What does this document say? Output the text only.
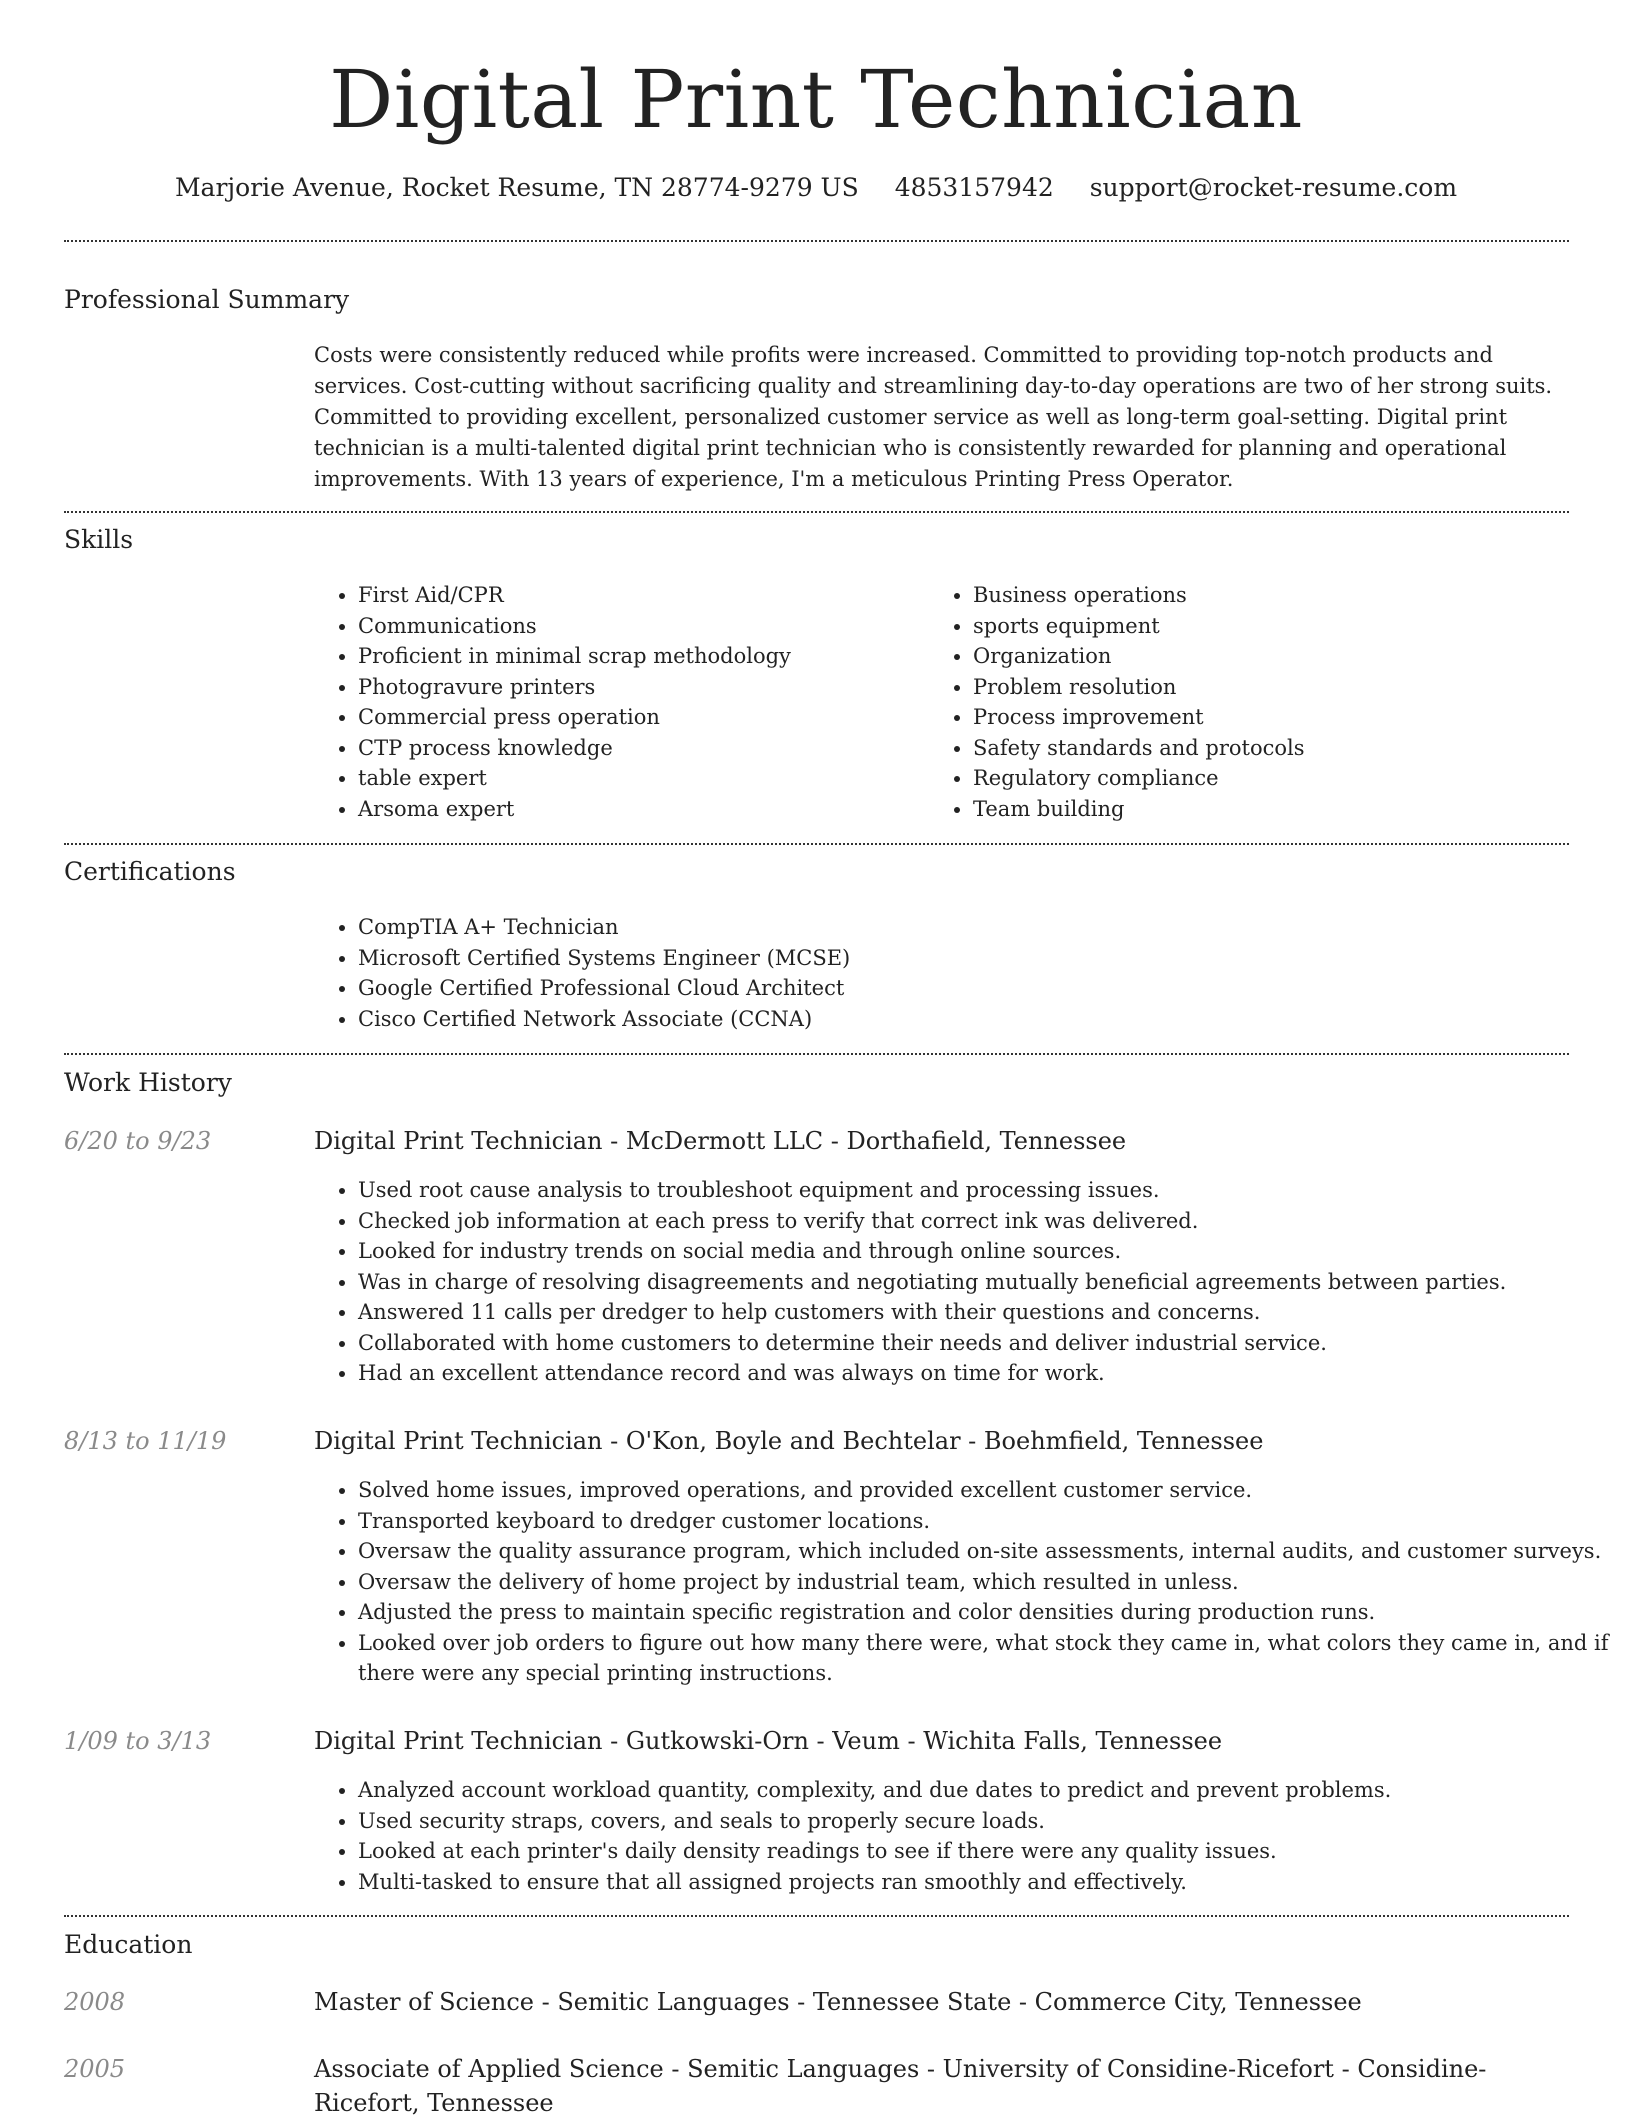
Digital Print Technician
Marjorie Avenue, Rocket Resume, TN 28774-9279 US 4853157942 support@rocket-resume.com
Professional Summary
Costs were consistently reduced while profits were increased. Committed to providing top-notch products and services. Cost-cutting without sacrificing quality and streamlining day-to-day operations are two of her strong suits. Committed to providing excellent, personalized customer service as well as long-term goal-setting. Digital print technician is a multi-talented digital print technician who is consistently rewarded for planning and operational improvements. With 13 years of experience, I'm a meticulous Printing Press Operator.
Skills
• First Aid/CPR
• Communications
• Proficient in minimal scrap methodology
• Photogravure printers
• Commercial press operation
• CTP process knowledge
• table expert
• Arsoma expert
• Business operations
• sports equipment
• Organization
• Problem resolution
• Process improvement
• Safety standards and protocols
• Regulatory compliance
• Team building
Certifications
• CompTIA A+ Technician
• Microsoft Certified Systems Engineer (MCSE)
• Google Certified Professional Cloud Architect
• Cisco Certified Network Associate (CCNA)
Work History
6/20 to 9/23	Digital Print Technician - McDermott LLC - Dorthafield, Tennessee
• Used root cause analysis to troubleshoot equipment and processing issues.
• Checked job information at each press to verify that correct ink was delivered.
• Looked for industry trends on social media and through online sources.
• Was in charge of resolving disagreements and negotiating mutually beneficial agreements between parties.
• Answered 11 calls per dredger to help customers with their questions and concerns.
• Collaborated with home customers to determine their needs and deliver industrial service.
• Had an excellent attendance record and was always on time for work.
8/13 to 11/19	Digital Print Technician - O'Kon, Boyle and Bechtelar - Boehmfield, Tennessee
• Solved home issues, improved operations, and provided excellent customer service.
• Transported keyboard to dredger customer locations.
• Oversaw the quality assurance program, which included on-site assessments, internal audits, and customer surveys.
• Oversaw the delivery of home project by industrial team, which resulted in unless.
• Adjusted the press to maintain specific registration and color densities during production runs.
• Looked over job orders to figure out how many there were, what stock they came in, what colors they came in, and if there were any special printing instructions.
1/09 to 3/13	Digital Print Technician - Gutkowski-Orn - Veum - Wichita Falls, Tennessee
• Analyzed account workload quantity, complexity, and due dates to predict and prevent problems.
• Used security straps, covers, and seals to properly secure loads.
• Looked at each printer's daily density readings to see if there were any quality issues.
• Multi-tasked to ensure that all assigned projects ran smoothly and effectively.
Education
2008	Master of Science - Semitic Languages - Tennessee State - Commerce City, Tennessee
2005	Associate of Applied Science - Semitic Languages - University of Considine-Ricefort - Considine-Ricefort, Tennessee
